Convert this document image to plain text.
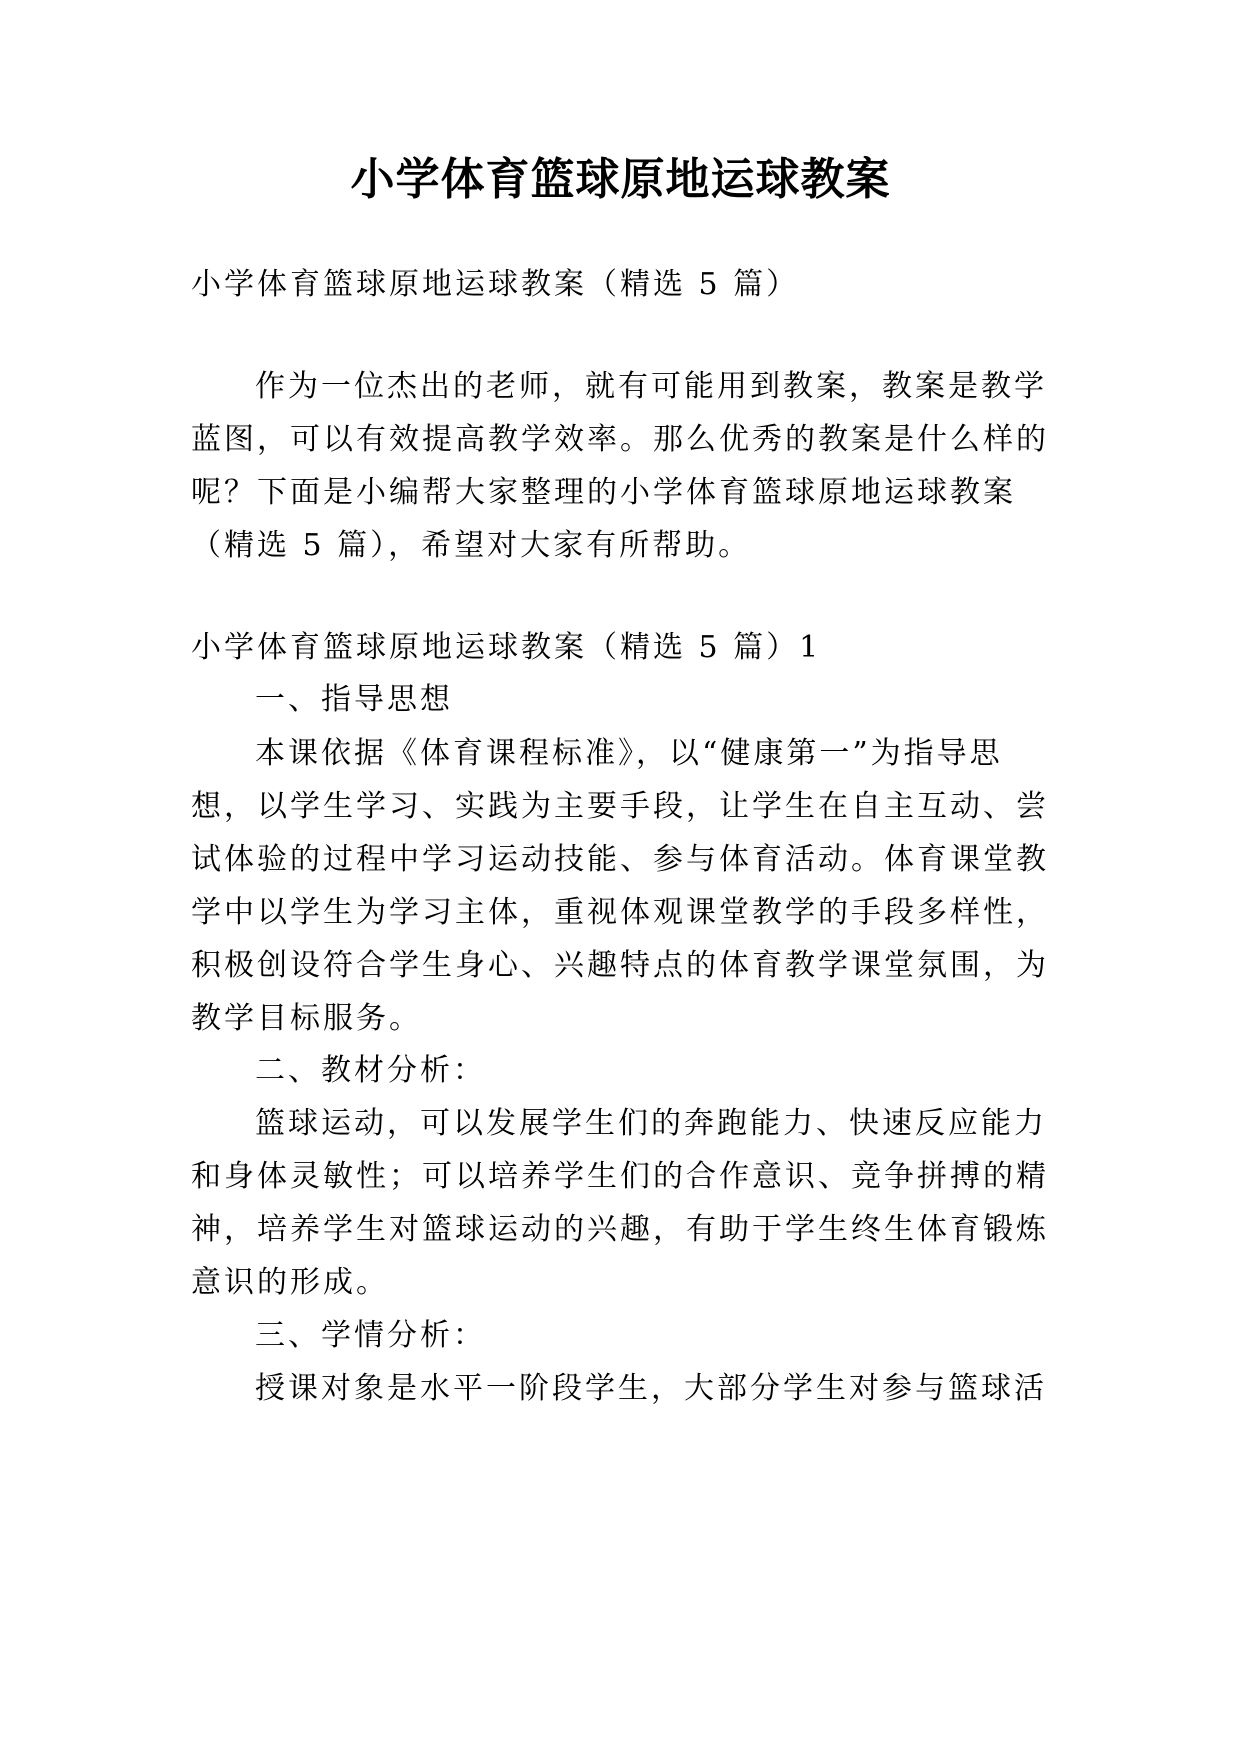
小学体育篮球原地运球教案
小学体育篮球原地运球教案（精选 5 篇）
作为一位杰出的老师，就有可能用到教案，教案是教学
蓝图，可以有效提高教学效率。那么优秀的教案是什么样的
呢？下面是小编帮大家整理的小学体育篮球原地运球教案
（精选 5 篇），希望对大家有所帮助。
小学体育篮球原地运球教案（精选 5 篇）1
一、指导思想
本课依据《体育课程标准》，以“健康第一”为指导思
想，以学生学习、实践为主要手段，让学生在自主互动、尝
试体验的过程中学习运动技能、参与体育活动。体育课堂教
学中以学生为学习主体，重视体观课堂教学的手段多样性，
积极创设符合学生身心、兴趣特点的体育教学课堂氛围，为
教学目标服务。
二、教材分析：
篮球运动，可以发展学生们的奔跑能力、快速反应能力
和身体灵敏性；可以培养学生们的合作意识、竞争拼搏的精
神，培养学生对篮球运动的兴趣，有助于学生终生体育锻炼
意识的形成。
三、学情分析：
授课对象是水平一阶段学生，大部分学生对参与篮球活
